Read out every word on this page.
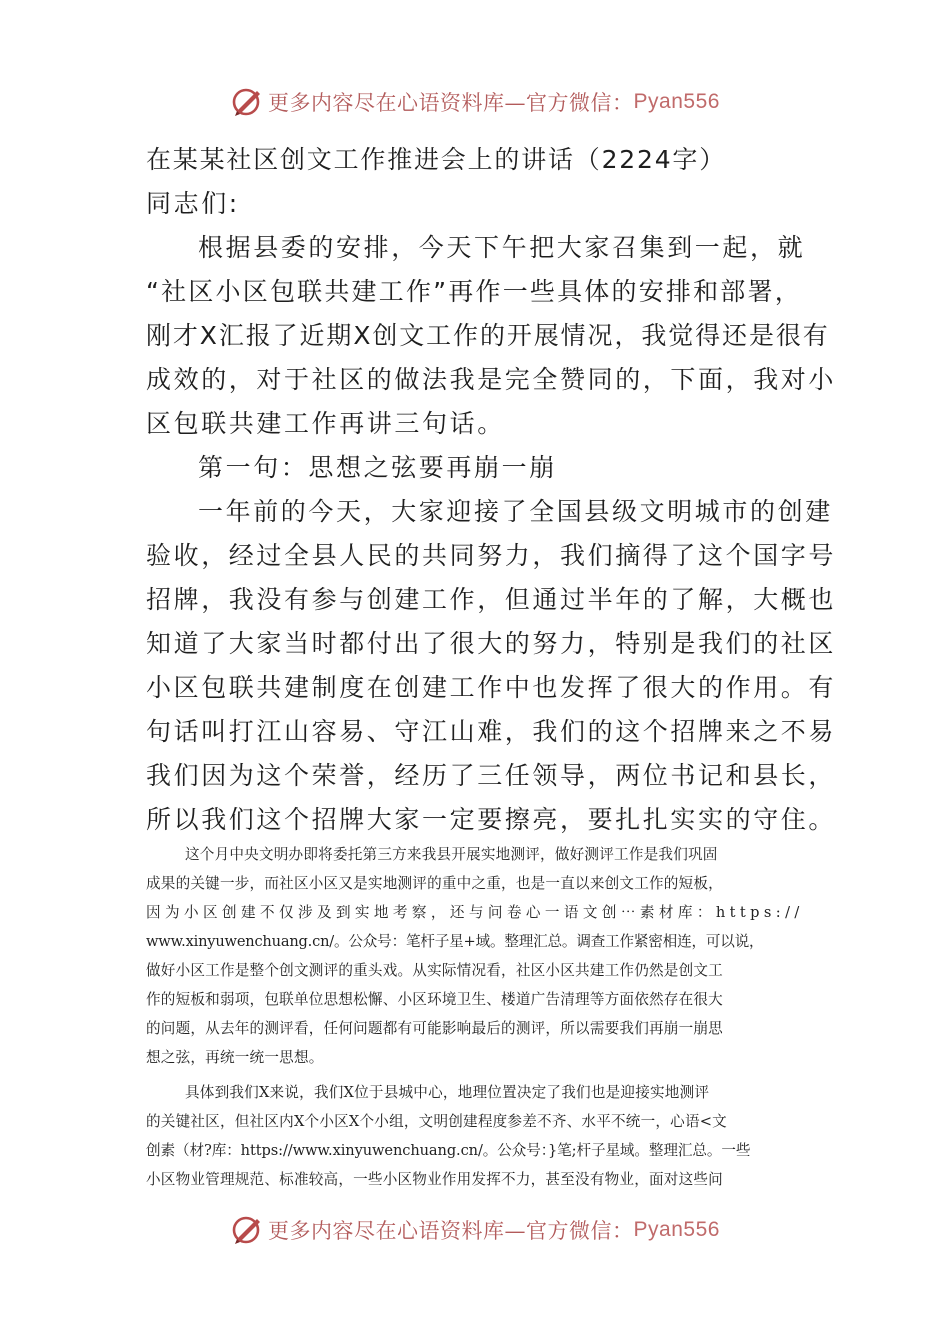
更多内容尽在心语资料库—官方微信： Pyan556

在某某社区创文工作推进会上的讲话（2224字）

同志们:

根据县委的安排，今天下午把大家召集到一起，就

“社区小区包联共建工作”再作一些具体的安排和部署，

刚才X汇报了近期X创文工作的开展情况，我觉得还是很有

成效的，对于社区的做法我是完全赞同的，下面，我对小

区包联共建工作再讲三句话。

第一句：思想之弦要再崩一崩

一年前的今天，大家迎接了全国县级文明城市的创建

验收，经过全县人民的共同努力，我们摘得了这个国字号

招牌，我没有参与创建工作，但通过半年的了解，大概也

知道了大家当时都付出了很大的努力，特别是我们的社区

小区包联共建制度在创建工作中也发挥了很大的作用。有

句话叫打江山容易、守江山难，我们的这个招牌来之不易

我们因为这个荣誉，经历了三任领导，两位书记和县长，

所以我们这个招牌大家一定要擦亮，要扎扎实实的守住。

这个月中央文明办即将委托第三方来我县开展实地测评，做好测评工作是我们巩固
成果的关键一步，而社区小区又是实地测评的重中之重，也是一直以来创文工作的短板，
因为小区创建不仅涉及到实地考察，还与问卷心一语文创⋯素材库：https://
www.xinyuwenchuang.cn/。公众号：笔杆子星+域。整理汇总。调查工作紧密相连，可以说，
做好小区工作是整个创文测评的重头戏。从实际情况看，社区小区共建工作仍然是创文工
作的短板和弱项，包联单位思想松懈、小区环境卫生、楼道广告清理等方面依然存在很大
的问题，从去年的测评看，任何问题都有可能影响最后的测评，所以需要我们再崩一崩思
想之弦，再统一统一思想。
具体到我们X来说，我们X位于县城中心，地理位置决定了我们也是迎接实地测评
的关键社区，但社区内X个小区X个小组，文明创建程度参差不齐、水平不统一，心语<文
创素（材?库：https://www.xinyuwenchuang.cn/。公众号：}笔;杆子星域。整理汇总。一些
小区物业管理规范、标准较高，一些小区物业作用发挥不力，甚至没有物业，面对这些问
更多内容尽在心语资料库—官方微信： Pyan556
